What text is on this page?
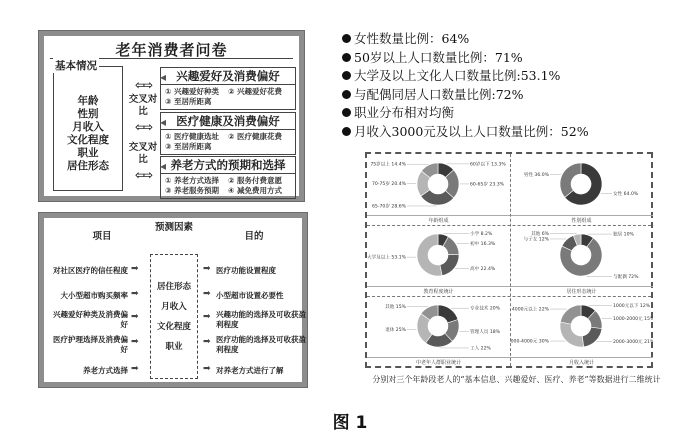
老年消费者问卷
基本情况
年龄
性别
月收入
文化程度
职业
居住形态
⇦⇨
交叉对比
⇦⇨
交叉对比
⇦⇨
◂ 兴趣爱好及消费偏好
① 兴趣爱好种类	② 兴趣爱好花费
③ 至居所距离
◂ 医疗健康及消费偏好
① 医疗健康选址	② 医疗健康花费
③ 至居所距离
◂ 养老方式的预期和选择
① 养老方式选择	② 服务付费意愿
③ 养老服务预期	④ 减免费用方式
项目
预测因素
目的
居住形态
月收入
文化程度
职业
对社区医疗的信任程度 ➡	➡ 医疗功能设置程度
大小型超市购买频率 ➡	➡ 小型超市设置必要性
兴趣爱好种类及消费偏好
➡	➡ 兴趣功能的选择及可收获盈利程度
医疗护理选择及消费偏好
➡	➡ 医疗功能的选择及可收获盈利程度
养老方式选择 ➡	➡ 对养老方式进行了解
女性数量比例：64%
50岁以上人口数量比例：71%
大学及以上文化人口数量比例:53.1%
与配偶同居人口数量比例:72%
职业分布相对均衡
月收入3000元及以上人口数量比例：52%
60岁以下 13.3%
60-65岁 23.3%
65-70岁 28.6%
70-75岁 20.4%
75岁以上 14.4%
年龄组成
女性 64.0%
男性 36.0%
性别组成
小学 8.2%
初中 16.3%
高中 22.4%
大学及以上 53.1%
教育程度统计
独居 10%
与配偶 72%
与子女 12%
其他 6%
居住形态统计
专业技术 20%
管理人员 18%
工人 22%
退休 25%
其他 15%
中老年人群职业统计
1000元以下 12%
1000-2000元 15%
2000-3000元 21%
3000-4000元 30%
4000元以上 22%
月收入统计
分别对三个年龄段老人的“基本信息、兴趣爱好、医疗、养老”等数据进行二维统计
图 1
